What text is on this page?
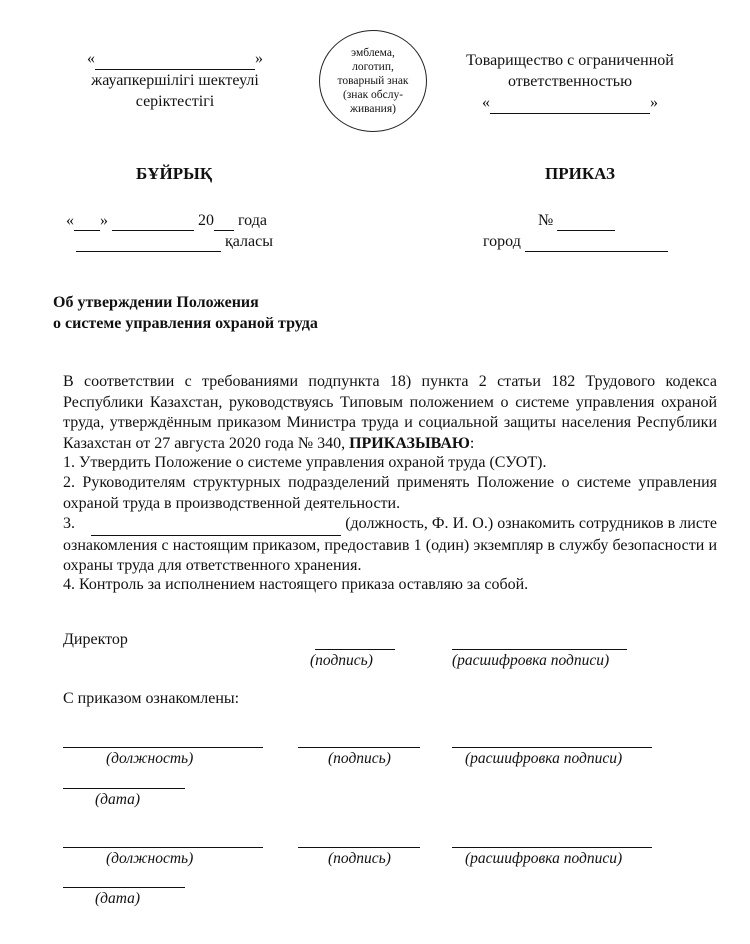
«	»
жауапкершілігі шектеулі
серіктестігі
эмблема,
логотип,
товарный знак
(знак обслу-
живания)
Товарищество с ограниченной
ответственностью
«	»
БҰЙРЫҚ	ПРИКАЗ
« »	20 года
қаласы
№
город
Об утверждении Положения
о системе управления охраной труда
В соответствии с требованиями подпункта 18) пункта 2 статьи 182 Трудового кодекса Республики Казахстан, руководствуясь Типовым положением о системе управления охраной труда, утверждённым приказом Министра труда и социальной защиты населения Республики Казахстан от 27 августа 2020 года № 340, ПРИКАЗЫВАЮ:
1. Утвердить Положение о системе управления охраной труда (СУОТ).
2. Руководителям структурных подразделений применять Положение о системе управления охраной труда в производственной деятельности.
3.	(должность, Ф. И. О.) ознакомить сотрудников в листе ознакомления с настоящим приказом, предоставив 1 (один) экземпляр в службу безопасности и охраны труда для ответственного хранения.
4. Контроль за исполнением настоящего приказа оставляю за собой.
Директор
(подпись)	(расшифровка подписи)
С приказом ознакомлены:
(должность)	(подпись)	(расшифровка подписи)
(дата)
(должность)	(подпись)	(расшифровка подписи)
(дата)
